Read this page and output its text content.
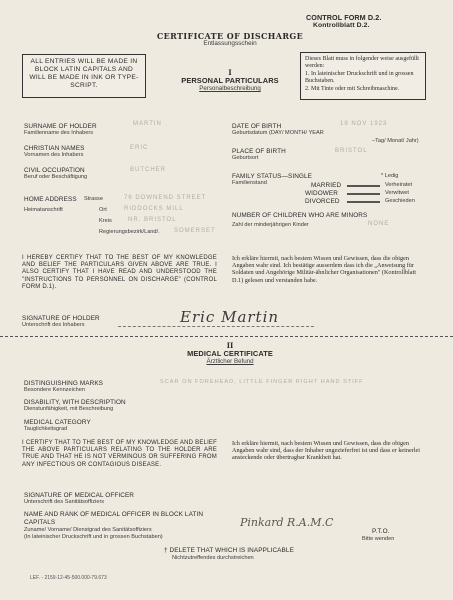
CONTROL FORM D.2.
Kontrollblatt D.2.
CERTIFICATE OF DISCHARGE
Entlassungsschein
ALL ENTRIES WILL BE MADE IN BLOCK LATIN CAPITALS AND WILL BE MADE IN INK OR TYPE-SCRIPT.
I
PERSONAL PARTICULARS
Personalbeschreibung
Dieses Blatt muss in folgender weise ausgefüllt werden:
1. In lateinischer Druckschrift und in grossen Buchstaben.
2. Mit Tinte oder mit Schreibmaschine.
SURNAME OF HOLDER
Familienname des Inhabers
MARTIN
CHRISTIAN NAMES
Vornamen des Inhabers
ERIC
CIVIL OCCUPATION
Beruf oder Beschäftigung
BUTCHER
HOME ADDRESS Strasse	76 DOWNEND STREET
Heimatanschrift	Ort	RIDDOCKS MILL
Kreis	NR. BRISTOL
Regierungsbezirk/Land/. SOMERSET
DATE OF BIRTH
Geburtsdatum (DAY/ MONTH/ YEAR
–Tag/ Monat/ Jahr)
19 NOV 1923
PLACE OF BIRTH
Geburtsort
BRISTOL
FAMILY STATUS—SINGLE
Familienstand
* Ledig
MARRIED	Verheiratet
WIDOWER	Verwitwet
DIVORCED	Geschieden
NUMBER OF CHILDREN WHO ARE MINORS
Zahl der minderjährigen Kinder	NONE
I HEREBY CERTIFY THAT TO THE BEST OF MY KNOWLEDGE AND BELIEF THE PARTICULARS GIVEN ABOVE ARE TRUE. I ALSO CERTIFY THAT I HAVE READ AND UNDERSTOOD THE "INSTRUCTIONS TO PERSONNEL ON DISCHARGE" (CONTROL FORM D.1).
Ich erkläre hiermit, nach bestem Wissen und Gewissen, dass die obigen Angaben wahr sind. Ich bestätige ausserdem dass ich die „Anweisung für Soldaten und Angehörige Militär-ähnlicher Organisationen" (Kontrollblatt D.1) gelesen und verstanden habe.
SIGNATURE OF HOLDER
Unterschrift des Inhabers	Eric Martin
II
MEDICAL CERTIFICATE
Ärztlicher Befund
DISTINGUISHING MARKS
Besondere Kennzeichen
SCAR ON FOREHEAD, LITTLE FINGER RIGHT HAND STIFF
DISABILITY, WITH DESCRIPTION
Dienstunfähigkeit, mit Beschreibung
MEDICAL CATEGORY
Tauglichkeitsgrad
I CERTIFY THAT TO THE BEST OF MY KNOWLEDGE AND BELIEF THE ABOVE PARTICULARS RELATING TO THE HOLDER ARE TRUE AND THAT HE IS NOT VERMINOUS OR SUFFERING FROM ANY INFECTIOUS OR CONTAGIOUS DISEASE.
Ich erkläre hiermit, nach bestem Wissen und Gewissen, dass die obigen Angaben wahr sind, dass der Inhaber ungezieferfrei ist und dass er keinerlei ansteckende oder übertragbar Krankheit hat.
SIGNATURE OF MEDICAL OFFICER
Unterschrift des Sanitätsoffiziers
NAME AND RANK OF MEDICAL OFFICER IN BLOCK LATIN CAPITALS
Zuname/ Vorname/ Dienstgrad des Sanitätsoffiziers
(In lateinischer Druckschrift und in grossen Buchstaben)
Pinkard R.A.M.C
P.T.O.
Bitte wenden
† DELETE THAT WHICH IS INAPPLICABLE
Nichtzutreffendes durchstreichen
LEF. - 2159-12-45-500.000-79.673
